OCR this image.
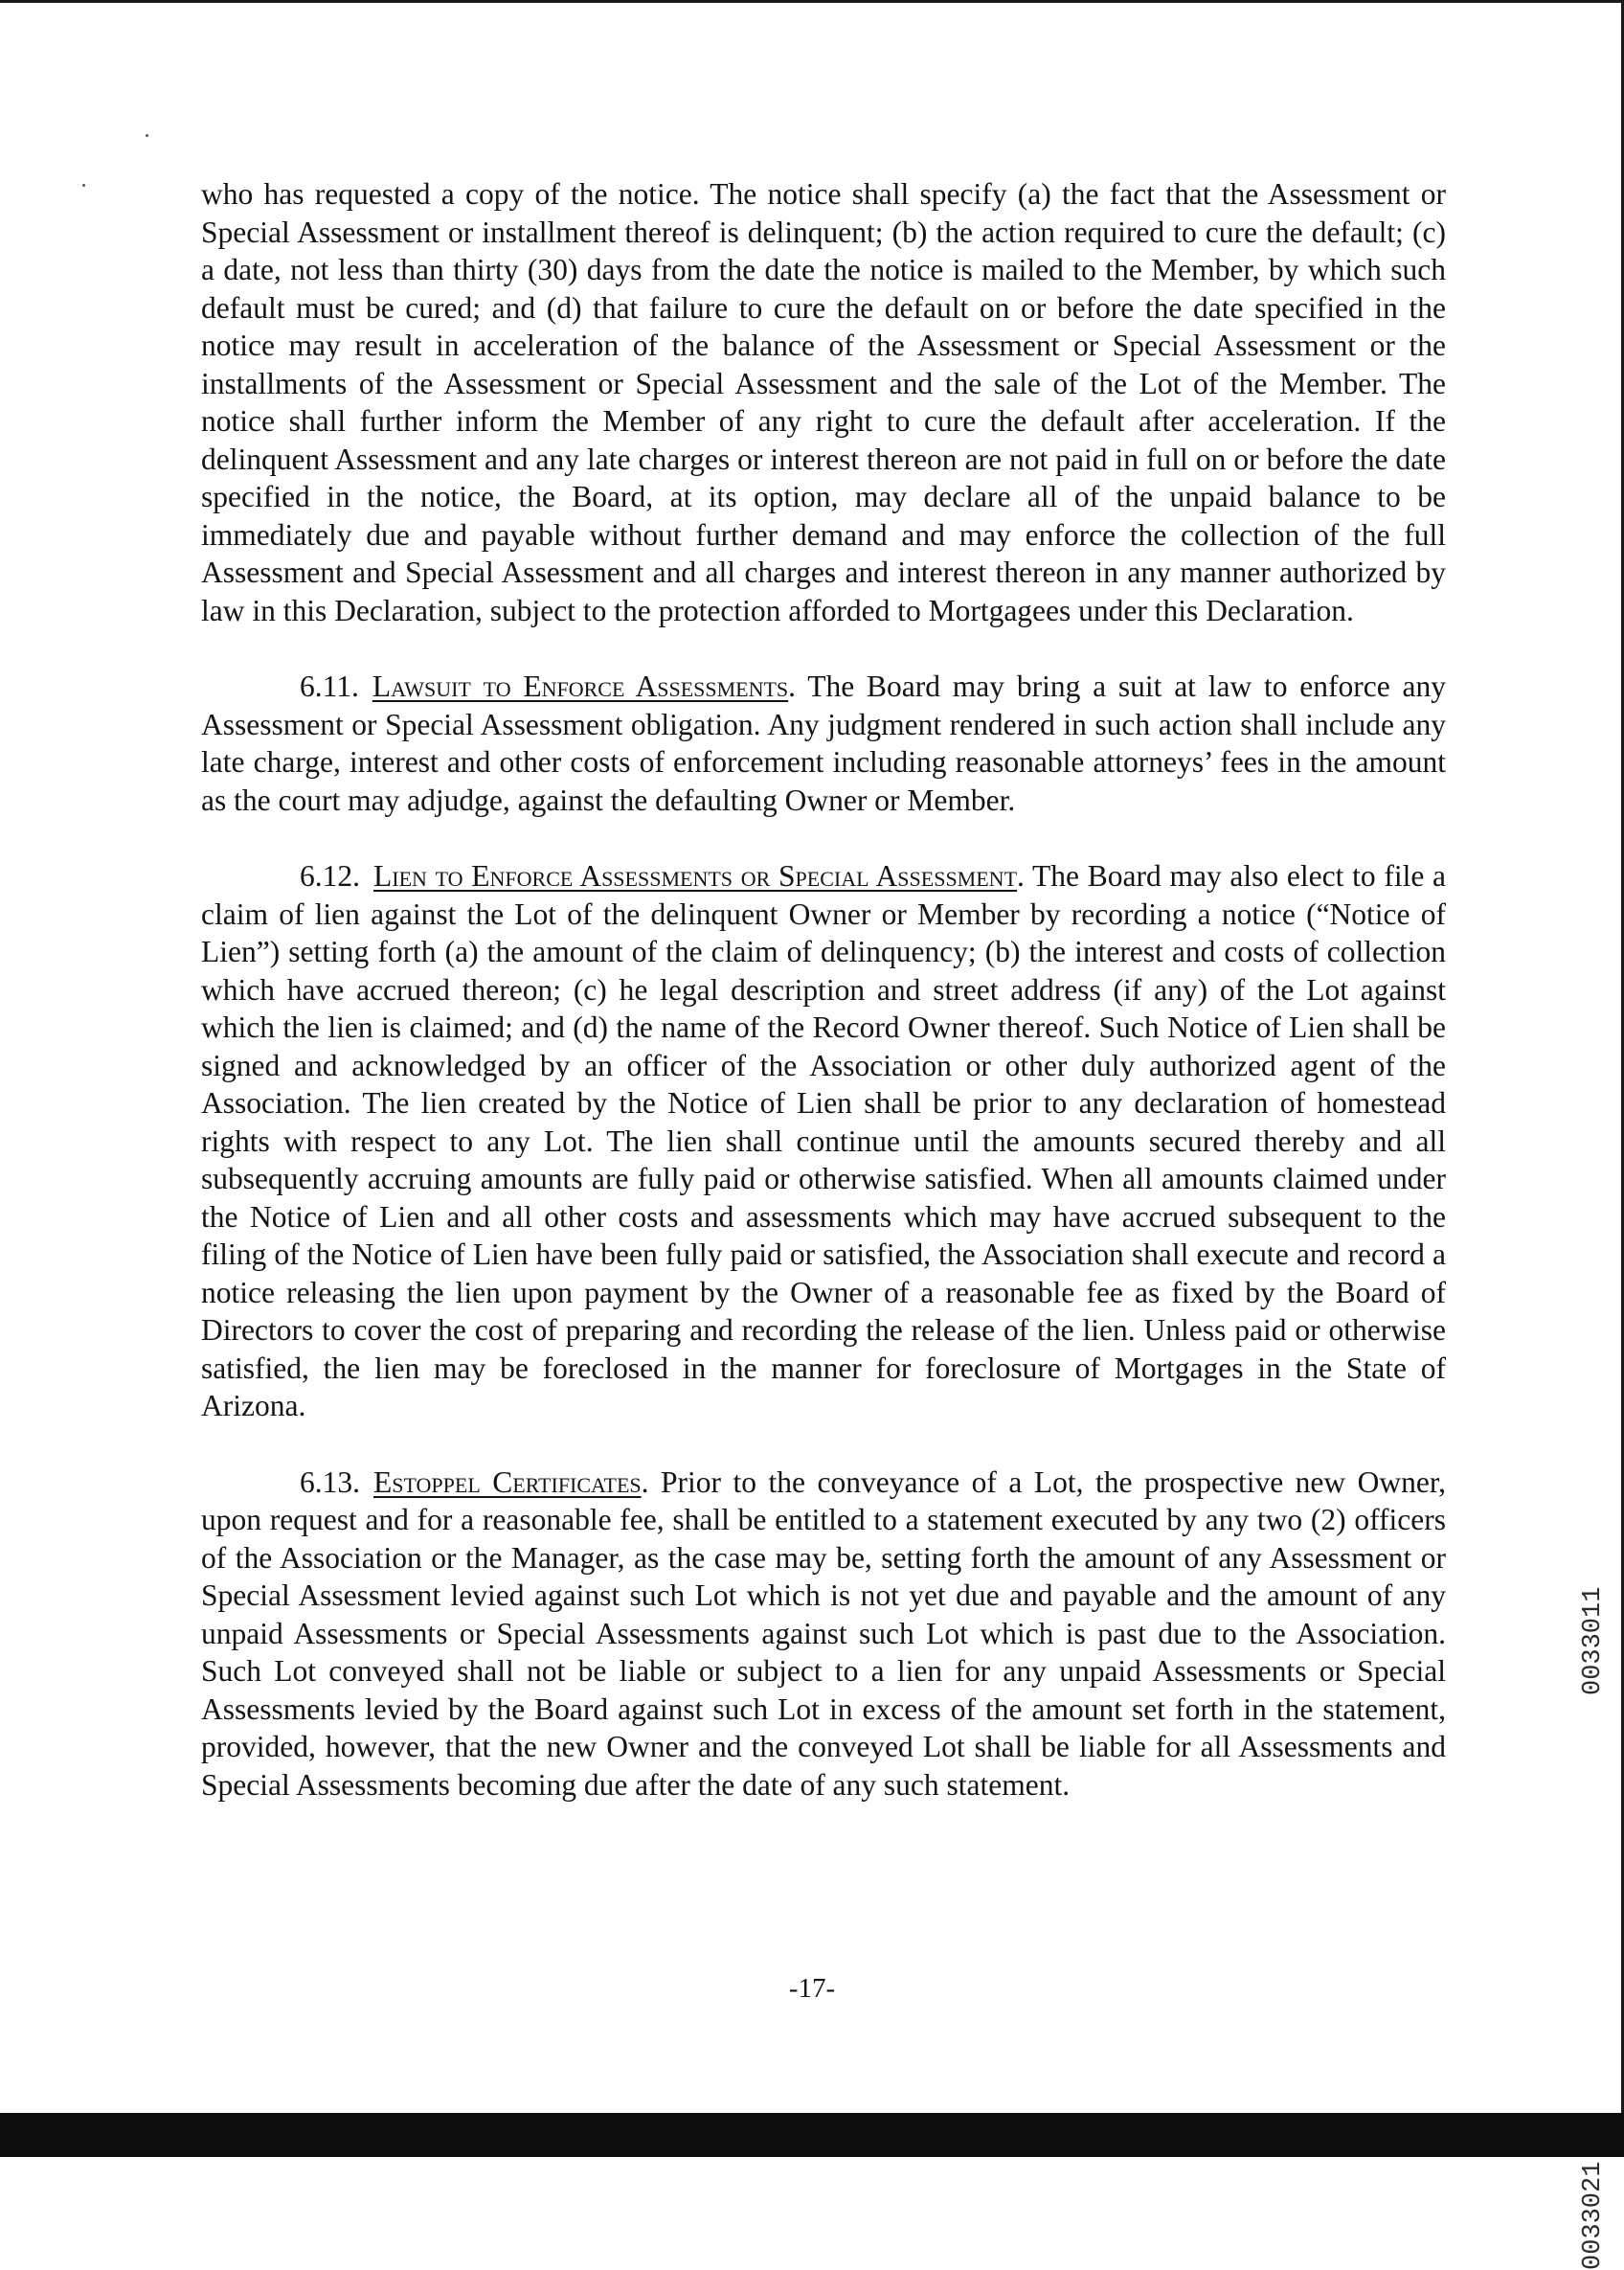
who has requested a copy of the notice. The notice shall specify (a) the fact that the Assessment or Special Assessment or installment thereof is delinquent; (b) the action required to cure the default; (c) a date, not less than thirty (30) days from the date the notice is mailed to the Member, by which such default must be cured; and (d) that failure to cure the default on or before the date specified in the notice may result in acceleration of the balance of the Assessment or Special Assessment or the installments of the Assessment or Special Assessment and the sale of the Lot of the Member. The notice shall further inform the Member of any right to cure the default after acceleration. If the delinquent Assessment and any late charges or interest thereon are not paid in full on or before the date specified in the notice, the Board, at its option, may declare all of the unpaid balance to be immediately due and payable without further demand and may enforce the collection of the full Assessment and Special Assessment and all charges and interest thereon in any manner authorized by law in this Declaration, subject to the protection afforded to Mortgagees under this Declaration.

6.11. Lawsuit to Enforce Assessments. The Board may bring a suit at law to enforce any Assessment or Special Assessment obligation. Any judgment rendered in such action shall include any late charge, interest and other costs of enforcement including reasonable attorneys’ fees in the amount as the court may adjudge, against the defaulting Owner or Member.

6.12. Lien to Enforce Assessments or Special Assessment. The Board may also elect to file a claim of lien against the Lot of the delinquent Owner or Member by recording a notice (“Notice of Lien”) setting forth (a) the amount of the claim of delinquency; (b) the interest and costs of collection which have accrued thereon; (c) he legal description and street address (if any) of the Lot against which the lien is claimed; and (d) the name of the Record Owner thereof. Such Notice of Lien shall be signed and acknowledged by an officer of the Association or other duly authorized agent of the Association. The lien created by the Notice of Lien shall be prior to any declaration of homestead rights with respect to any Lot. The lien shall continue until the amounts secured thereby and all subsequently accruing amounts are fully paid or otherwise satisfied. When all amounts claimed under the Notice of Lien and all other costs and assessments which may have accrued subsequent to the filing of the Notice of Lien have been fully paid or satisfied, the Association shall execute and record a notice releasing the lien upon payment by the Owner of a reasonable fee as fixed by the Board of Directors to cover the cost of preparing and recording the release of the lien. Unless paid or otherwise satisfied, the lien may be foreclosed in the manner for foreclosure of Mortgages in the State of Arizona.

6.13. Estoppel Certificates. Prior to the conveyance of a Lot, the prospective new Owner, upon request and for a reasonable fee, shall be entitled to a statement executed by any two (2) officers of the Association or the Manager, as the case may be, setting forth the amount of any Assessment or Special Assessment levied against such Lot which is not yet due and payable and the amount of any unpaid Assessments or Special Assessments against such Lot which is past due to the Association. Such Lot conveyed shall not be liable or subject to a lien for any unpaid Assessments or Special Assessments levied by the Board against such Lot in excess of the amount set forth in the statement, provided, however, that the new Owner and the conveyed Lot shall be liable for all Assessments and Special Assessments becoming due after the date of any such statement.

-17-
0033011
0033021
